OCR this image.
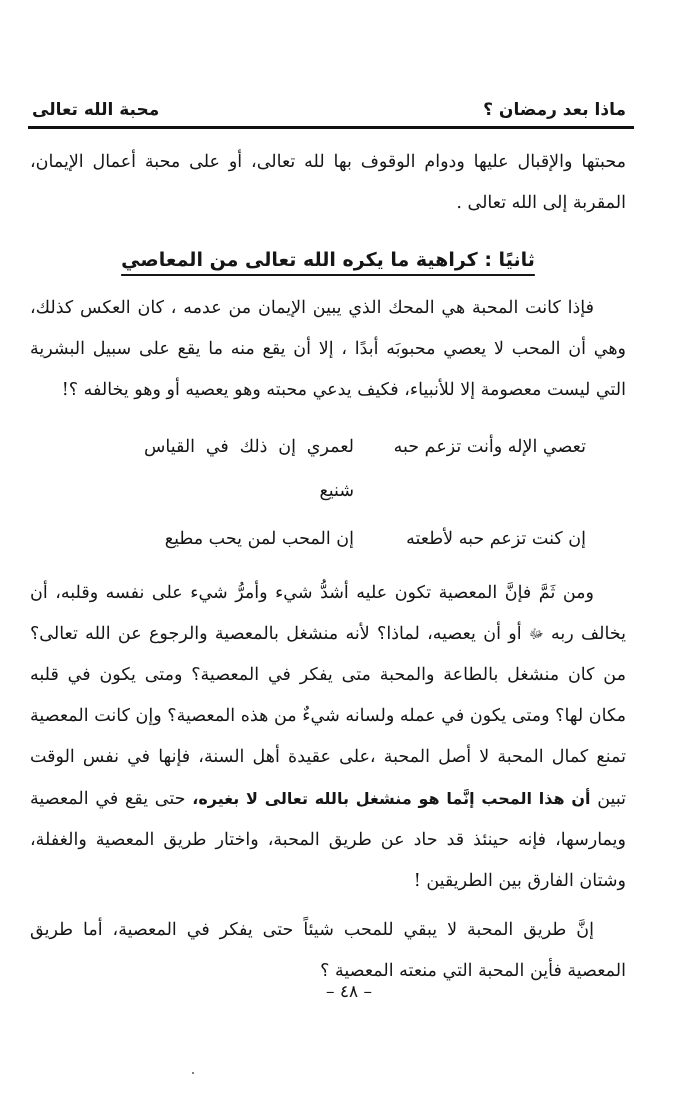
ماذا بعد رمضان ؟
محبة الله تعالى

محبتها والإقبال عليها ودوام الوقوف بها لله تعالى، أو على محبة أعمال الإيمان، المقربة إلى الله تعالى .

ثانيًا : كراهية ما يكره الله تعالى من المعاصي

فإذا كانت المحبة هي المحك الذي يبين الإيمان من عدمه ، كان العكس كذلك، وهي أن المحب لا يعصي محبوبَه أبدًا ، إلا أن يقع منه ما يقع على سبيل البشرية التي ليست معصومة إلا للأنبياء، فكيف يدعي محبته وهو يعصيه أو وهو يخالفه ؟!

تعصي الإله وأنت تزعم حبه
لعمري إن ذلك في القياس شنيع
إن كنت تزعم حبه لأطعته
إن المحب لمن يحب مطيع

ومن ثَمَّ فإنَّ المعصية تكون عليه أشدُّ شيء وأمرُّ شيء على نفسه وقلبه، أن يخالف ربه ﷻ أو أن يعصيه، لماذا؟ لأنه منشغل بالمعصية والرجوع عن الله تعالى؟ من كان منشغل بالطاعة والمحبة متى يفكر في المعصية؟ ومتى يكون في قلبه مكان لها؟ ومتى يكون في عمله ولسانه شيءٌ من هذه المعصية؟ وإن كانت المعصية تمنع كمال المحبة لا أصل المحبة ،على عقيدة أهل السنة، فإنها في نفس الوقت تبين أن هذا المحب إنَّما هو منشغل بالله تعالى لا بغيره، حتى يقع في المعصية ويمارسها، فإنه حينئذ قد حاد عن طريق المحبة، واختار طريق المعصية والغفلة، وشتان الفارق بين الطريقين !

إنَّ طريق المحبة لا يبقي للمحب شيئاً حتى يفكر في المعصية، أما طريق المعصية فأين المحبة التي منعته المعصية ؟

– ٤٨ –
